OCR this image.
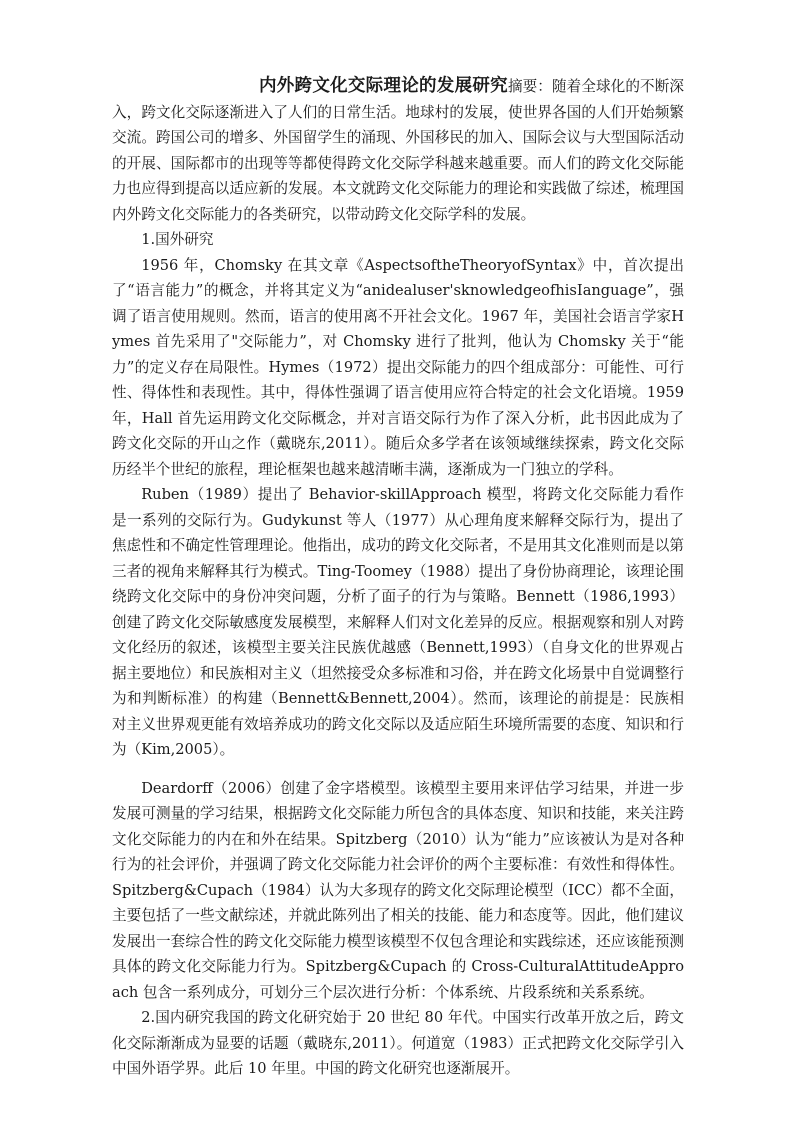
内外跨文化交际理论的发展研究摘要：随着全球化的不断深入，跨文化交际逐渐进入了人们的日常生活。地球村的发展，使世界各国的人们开始频繁交流。跨国公司的增多、外国留学生的涌现、外国移民的加入、国际会议与大型国际活动的开展、国际都市的出现等等都使得跨文化交际学科越来越重要。而人们的跨文化交际能力也应得到提高以适应新的发展。本文就跨文化交际能力的理论和实践做了综述，梳理国内外跨文化交际能力的各类研究，以带动跨文化交际学科的发展。

1.国外研究

1956 年，Chomsky 在其文章《AspectsoftheTheoryofSyntax》中，首次提出了“语言能力”的概念，并将其定义为“anidealuser'sknowledgeofhisIanguage”，强调了语言使用规则。然而，语言的使用离不开社会文化。1967 年，美国社会语言学家Hymes 首先采用了"交际能力”，对 Chomsky 进行了批判，他认为 Chomsky 关于“能力”的定义存在局限性。Hymes（1972）提出交际能力的四个组成部分：可能性、可行性、得体性和表现性。其中，得体性强调了语言使用应符合特定的社会文化语境。1959 年，Hall 首先运用跨文化交际概念，并对言语交际行为作了深入分析，此书因此成为了跨文化交际的开山之作（戴晓东,2011）。随后众多学者在该领域继续探索，跨文化交际历经半个世纪的旅程，理论框架也越来越清晰丰满，逐渐成为一门独立的学科。

Ruben（1989）提出了 Behavior-skillApproach 模型，将跨文化交际能力看作是一系列的交际行为。Gudykunst 等人（1977）从心理角度来解释交际行为，提出了焦虑性和不确定性管理理论。他指出，成功的跨文化交际者，不是用其文化准则而是以第三者的视角来解释其行为模式。Ting-Toomey（1988）提出了身份协商理论，该理论围绕跨文化交际中的身份冲突问题，分析了面子的行为与策略。Bennett（1986,1993）创建了跨文化交际敏感度发展模型，来解释人们对文化差异的反应。根据观察和别人对跨文化经历的叙述，该模型主要关注民族优越感（Bennett,1993）（自身文化的世界观占据主要地位）和民族相对主义（坦然接受众多标准和习俗，并在跨文化场景中自觉调整行为和判断标准）的构建（Bennett&Bennett,2004）。然而，该理论的前提是：民族相对主义世界观更能有效培养成功的跨文化交际以及适应陌生环境所需要的态度、知识和行为（Kim,2005）。

Deardorff（2006）创建了金字塔模型。该模型主要用来评估学习结果，并进一步发展可测量的学习结果，根据跨文化交际能力所包含的具体态度、知识和技能，来关注跨文化交际能力的内在和外在结果。Spitzberg（2010）认为“能力”应该被认为是对各种行为的社会评价，并强调了跨文化交际能力社会评价的两个主要标准：有效性和得体性。Spitzberg&Cupach（1984）认为大多现存的跨文化交际理论模型（ICC）都不全面，主要包括了一些文献综述，并就此陈列出了相关的技能、能力和态度等。因此，他们建议发展出一套综合性的跨文化交际能力模型该模型不仅包含理论和实践综述，还应该能预测具体的跨文化交际能力行为。Spitzberg&Cupach 的 Cross-CulturalAttitudeApproach 包含一系列成分，可划分三个层次进行分析：个体系统、片段系统和关系系统。

2.国内研究我国的跨文化研究始于 20 世纪 80 年代。中国实行改革开放之后，跨文化交际渐渐成为显要的话题（戴晓东,2011）。何道宽（1983）正式把跨文化交际学引入中国外语学界。此后 10 年里。中国的跨文化研究也逐渐展开。
